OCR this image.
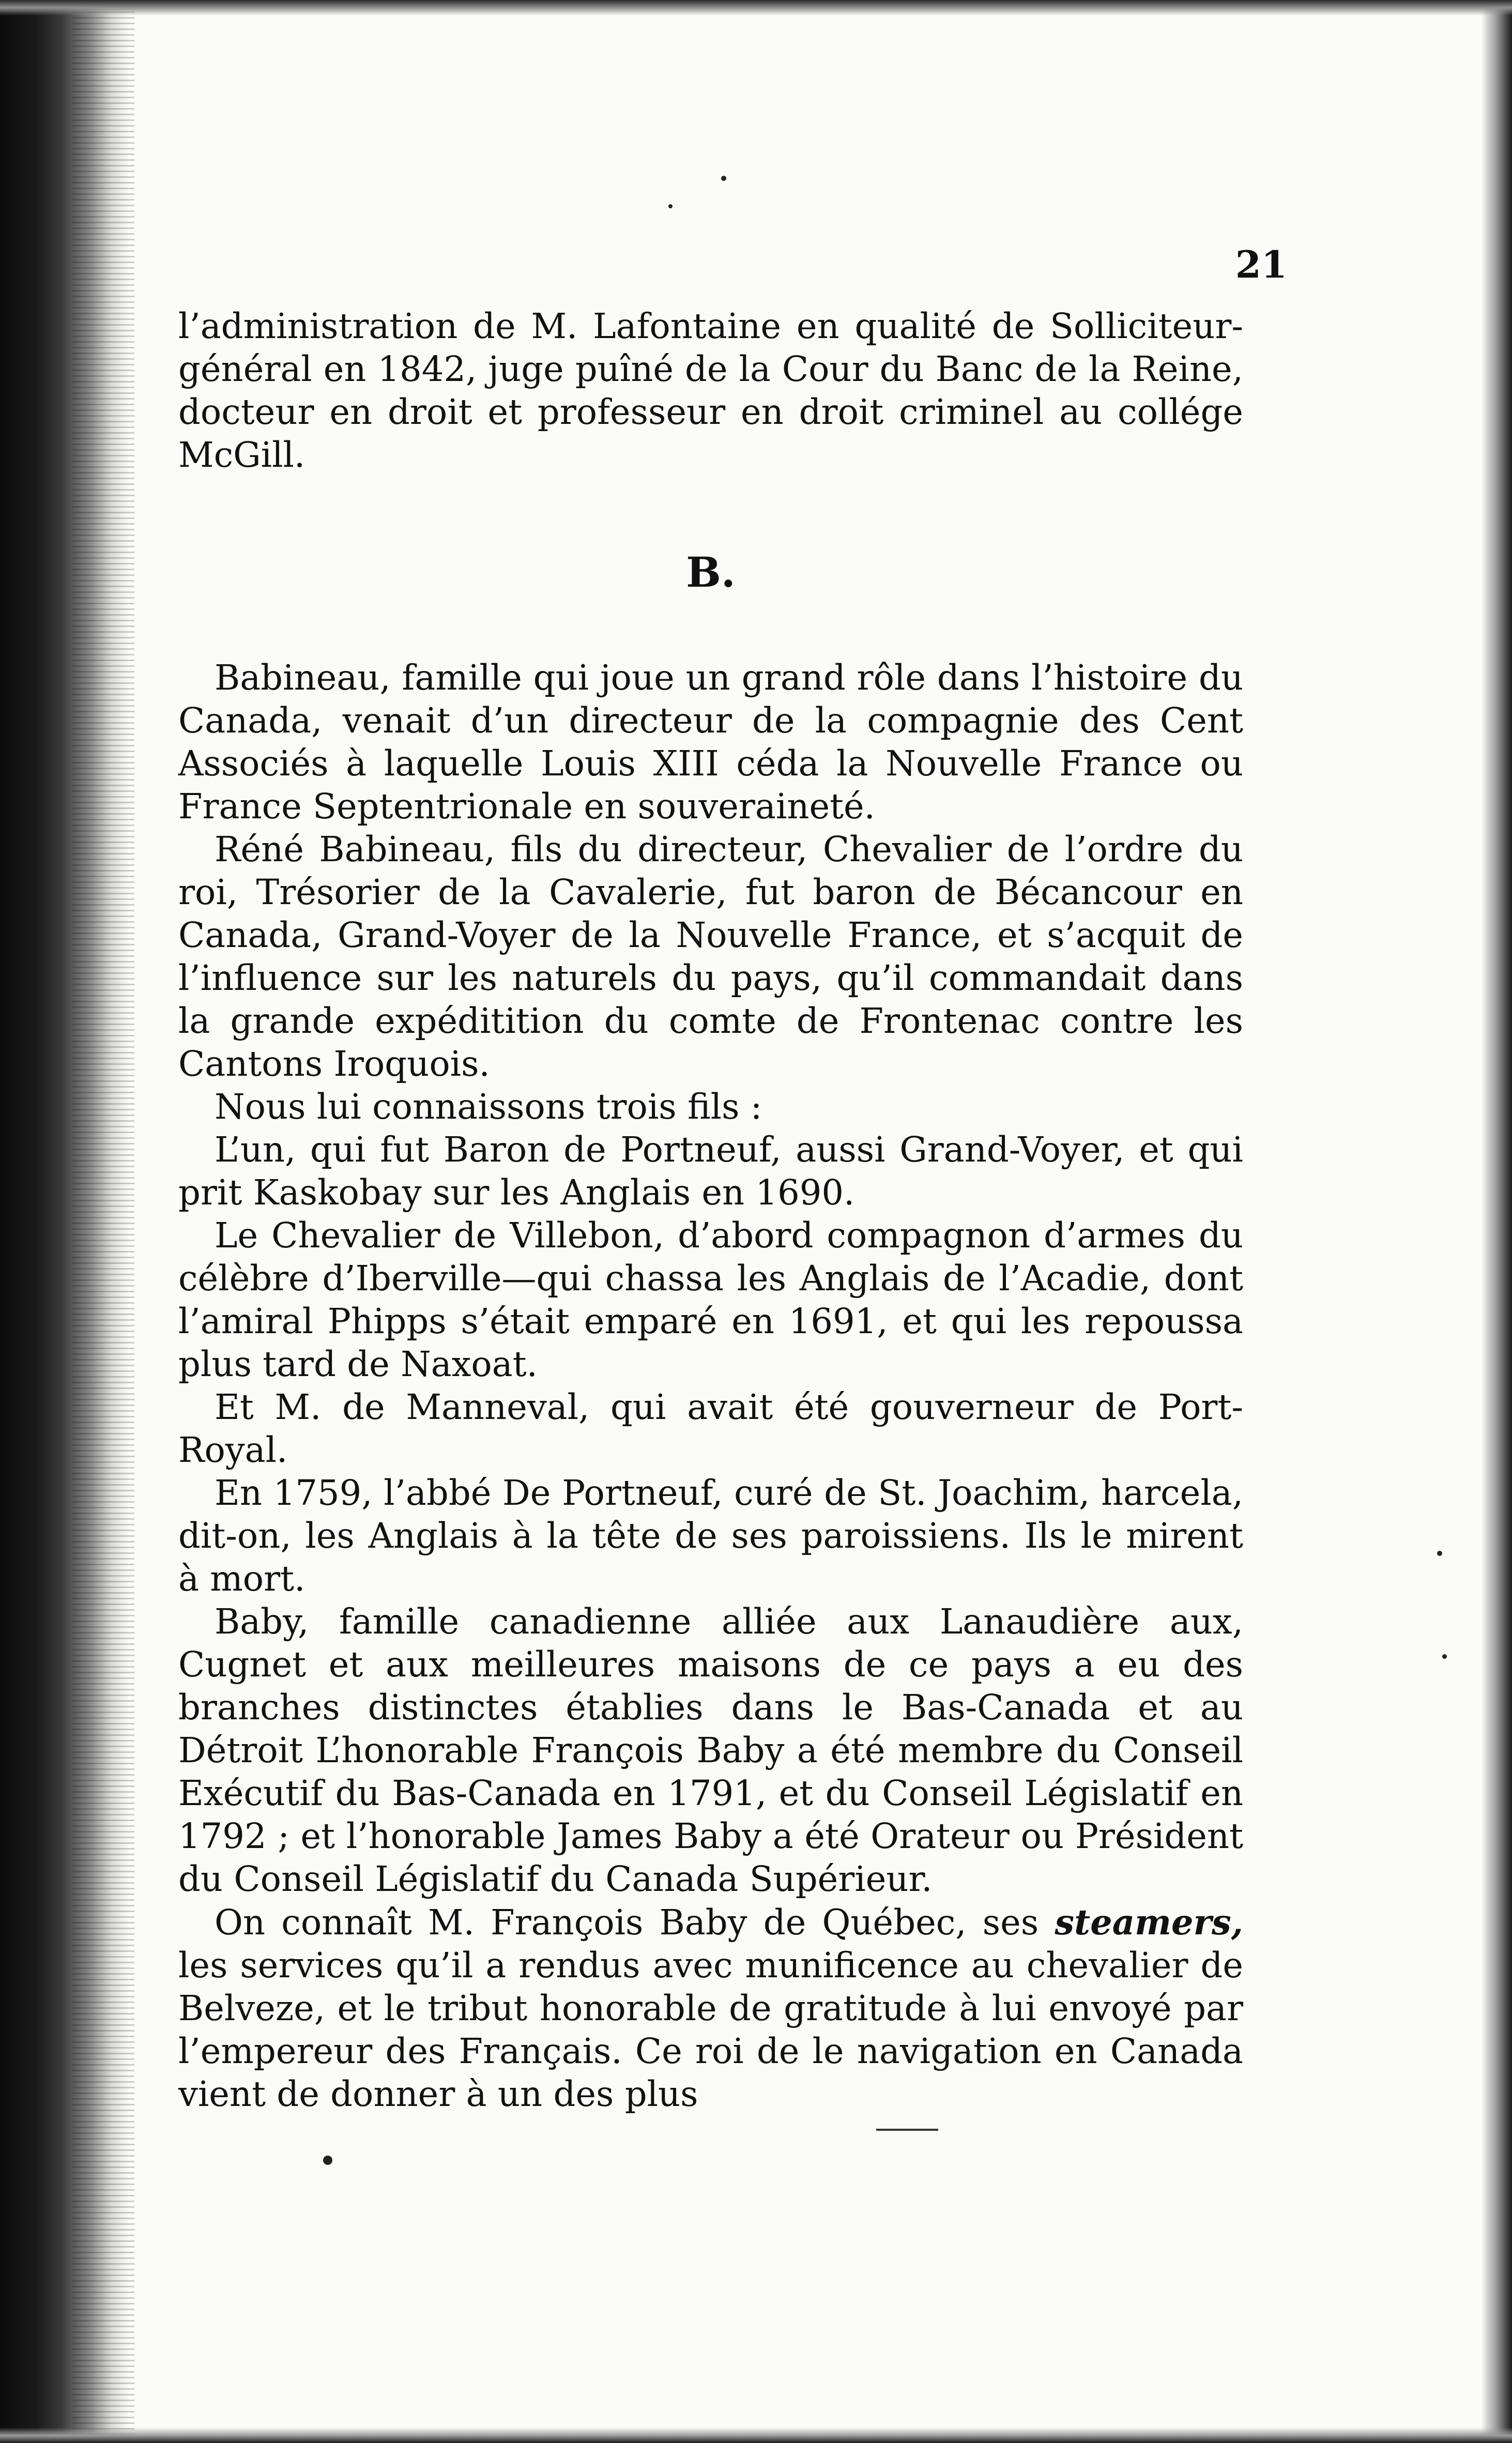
21

l’administration de M. Lafontaine en qualité de Solliciteur-général en 1842, juge puîné de la Cour du Banc de la Reine, docteur en droit et professeur en droit criminel au collége McGill.

B.

Babineau, famille qui joue un grand rôle dans l’histoire du Canada, venait d’un directeur de la compagnie des Cent Associés à laquelle Louis XIII céda la Nouvelle France ou France Septentrionale en souveraineté.

Réné Babineau, fils du directeur, Chevalier de l’ordre du roi, Trésorier de la Cavalerie, fut baron de Bécancour en Canada, Grand-Voyer de la Nouvelle France, et s’acquit de l’influence sur les naturels du pays, qu’il commandait dans la grande expéditition du comte de Frontenac contre les Cantons Iroquois.

Nous lui connaissons trois fils :

L’un, qui fut Baron de Portneuf, aussi Grand-Voyer, et qui prit Kaskobay sur les Anglais en 1690.

Le Chevalier de Villebon, d’abord compagnon d’armes du célèbre d’Iberville—qui chassa les Anglais de l’Acadie, dont l’amiral Phipps s’était emparé en 1691, et qui les repoussa plus tard de Naxoat.

Et M. de Manneval, qui avait été gouverneur de Port-Royal.

En 1759, l’abbé De Portneuf, curé de St. Joachim, harcela, dit-on, les Anglais à la tête de ses paroissiens. Ils le mirent à mort.

Baby, famille canadienne alliée aux Lanaudière aux, Cugnet et aux meilleures maisons de ce pays a eu des branches distinctes établies dans le Bas-Canada et au Détroit L’honorable François Baby a été membre du Conseil Exécutif du Bas-Canada en 1791, et du Conseil Législatif en 1792 ; et l’honorable James Baby a été Orateur ou Président du Conseil Législatif du Canada Supérieur.

On connaît M. François Baby de Québec, ses steamers, les services qu’il a rendus avec munificence au chevalier de Belveze, et le tribut honorable de gratitude à lui envoyé par l’empereur des Français. Ce roi de le navigation en Canada vient de donner à un des plus
